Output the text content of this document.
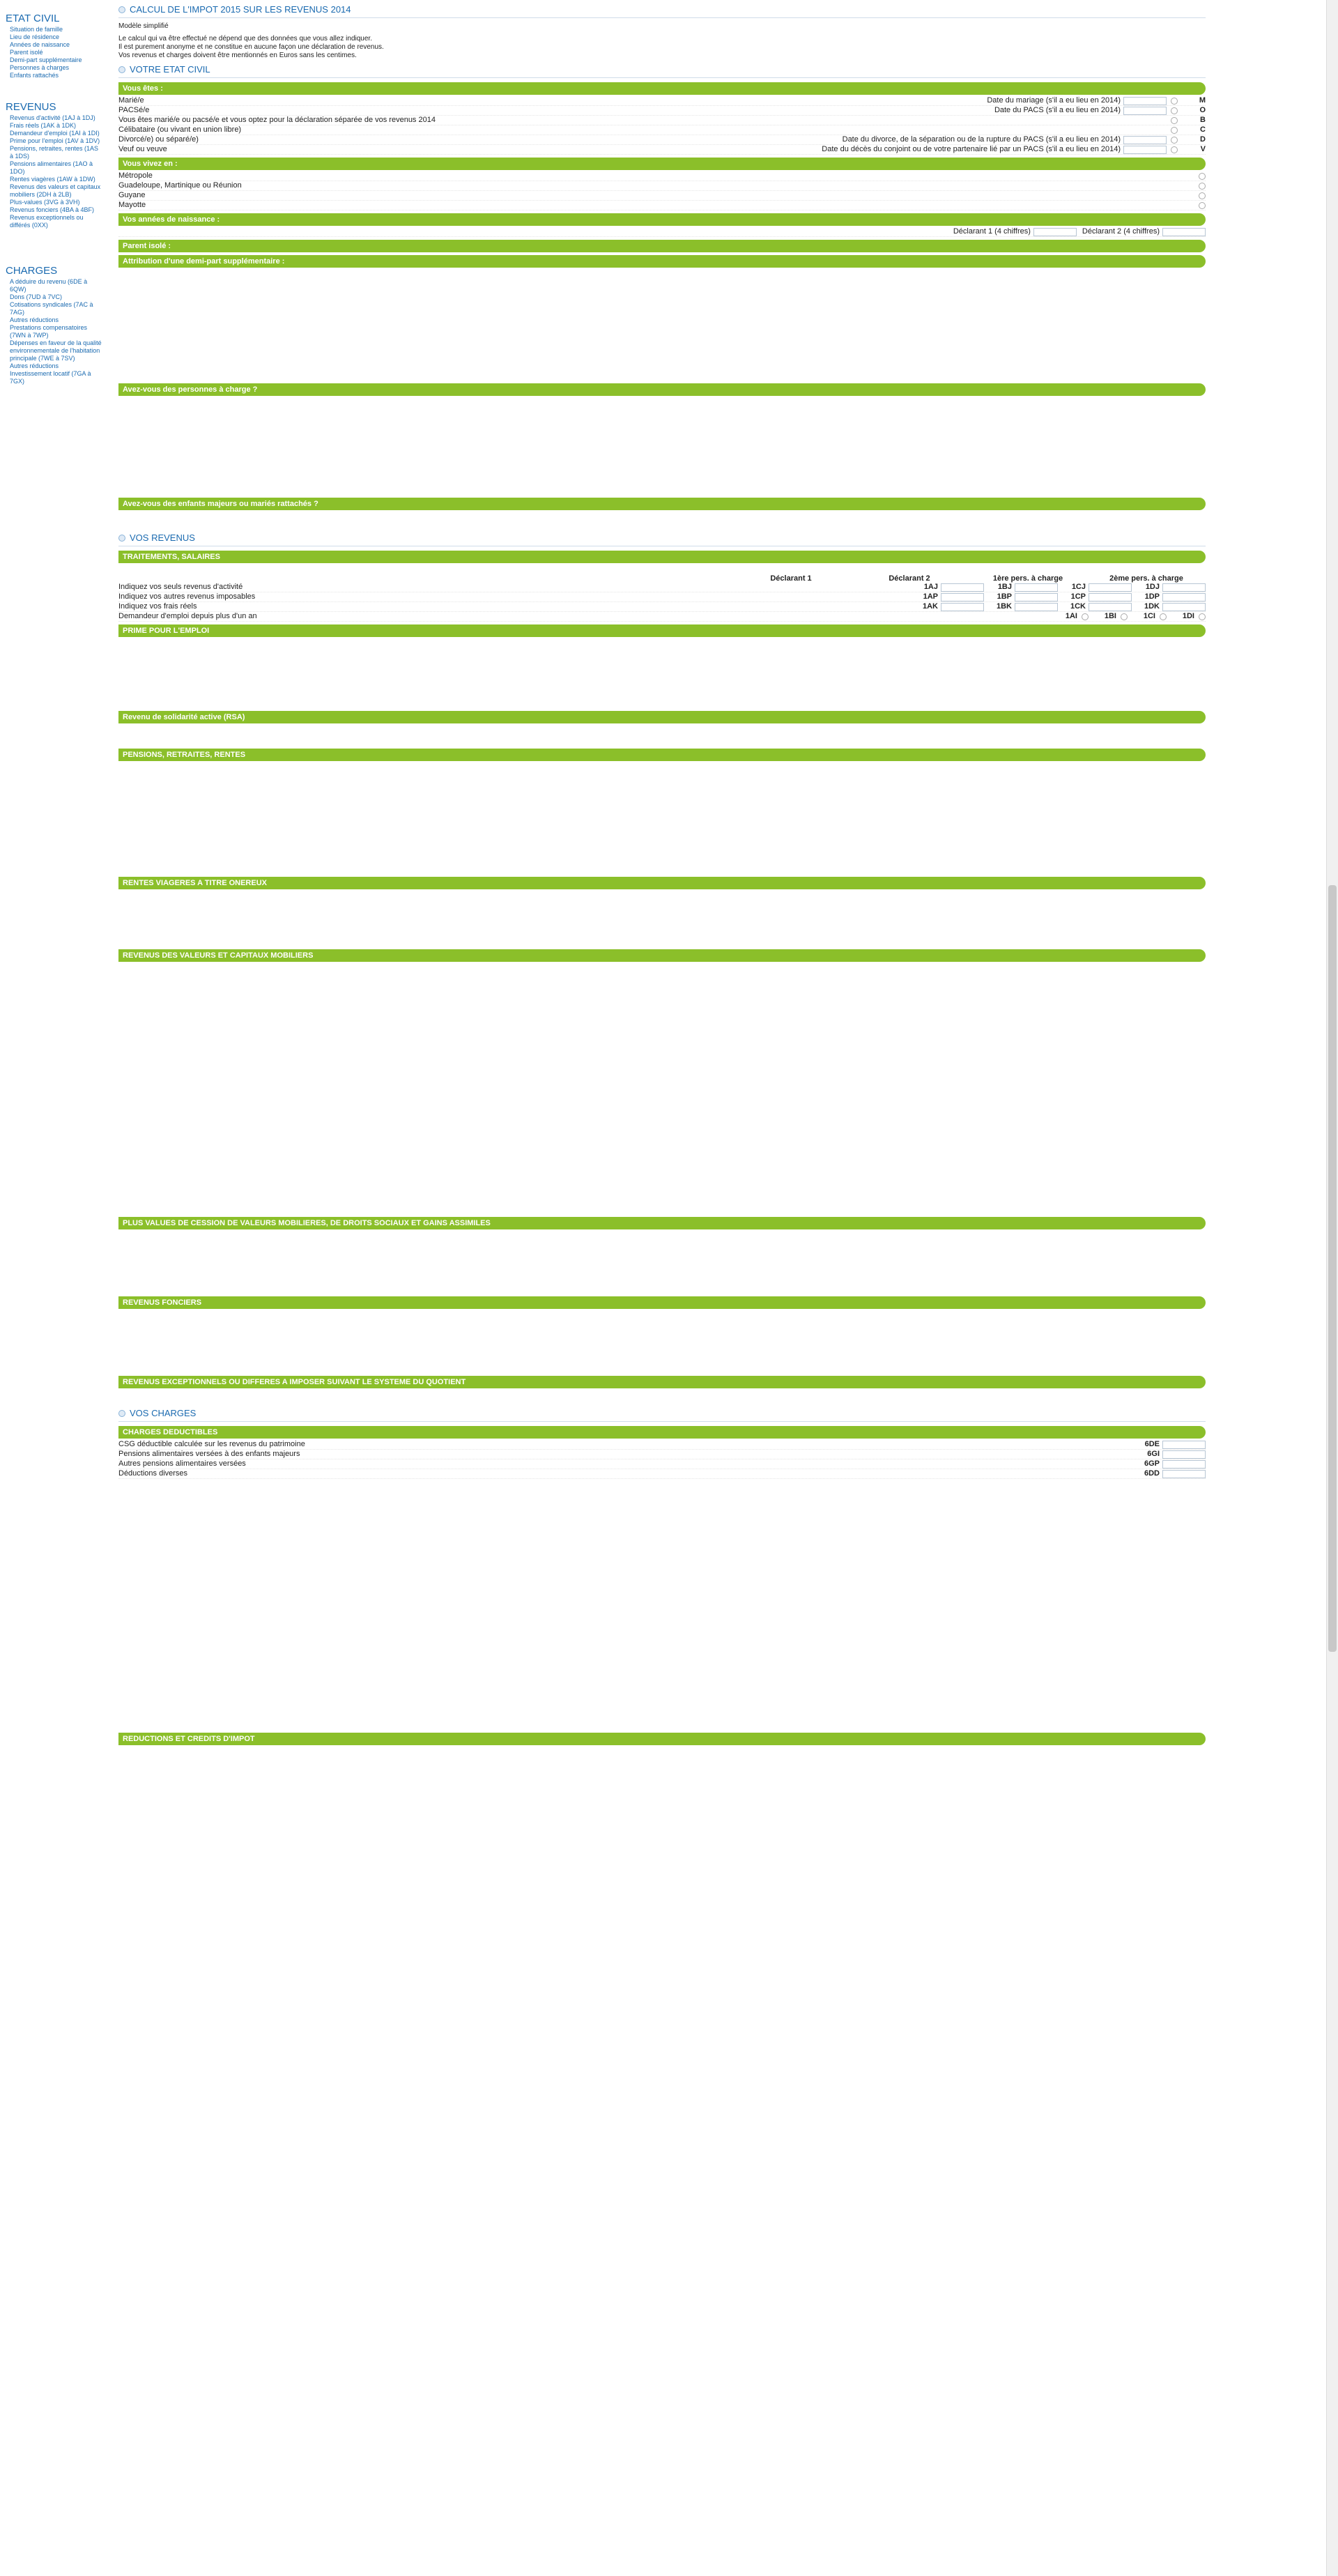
ETAT CIVIL
Situation de famille
Lieu de résidence
Années de naissance
Parent isolé
Demi-part supplémentaire
Personnes à charges
Enfants rattachés
REVENUS
Revenus d'activité (1AJ à 1DJ)
Frais réels (1AK à 1DK)
Demandeur d'emploi (1AI à 1DI)
Prime pour l'emploi (1AV à 1DV)
Pensions, retraites, rentes (1AS à 1DS)
Pensions alimentaires (1AO à 1DO)
Rentes viagères (1AW à 1DW)
Revenus des valeurs et capitaux mobiliers (2DH à 2LB)
Plus-values (3VG à 3VH)
Revenus fonciers (4BA à 4BF)
Revenus exceptionnels ou différés (0XX)
CHARGES
A déduire du revenu (6DE à 6QW)
Dons (7UD à 7VC)
Cotisations syndicales (7AC à 7AG)
Autres réductions
Prestations compensatoires (7WN à 7WP)
Dépenses en faveur de la qualité environnementale de l'habitation principale (7WE à 7SV)
Autres réductions
Investissement locatif (7GA à 7GX)
CALCUL DE L'IMPOT 2015 SUR LES REVENUS 2014
Modèle simplifié
Le calcul qui va être effectué ne dépend que des données que vous allez indiquer.
Il est purement anonyme et ne constitue en aucune façon une déclaration de revenus.
Vos revenus et charges doivent être mentionnés en Euros sans les centimes.
VOTRE ETAT CIVIL
Vous êtes :
Marié/e	Date du mariage (s'il a eu lieu en 2014)	M
PACSé/e	Date du PACS (s'il a eu lieu en 2014)	O
Vous êtes marié/e ou pacsé/e et vous optez pour la déclaration séparée de vos revenus 2014	B
Célibataire (ou vivant en union libre)	C
Divorcé/e) ou séparé/e)	Date du divorce, de la séparation ou de la rupture du PACS (s'il a eu lieu en 2014)	D
Veuf ou veuve	Date du décès du conjoint ou de votre partenaire lié par un PACS (s'il a eu lieu en 2014)	V
Vous vivez en :
Métropole
Guadeloupe, Martinique ou Réunion
Guyane
Mayotte
Vos années de naissance :
Déclarant 1 (4 chiffres)	Déclarant 2 (4 chiffres)
Parent isolé :
Attribution d'une demi-part supplémentaire :
Avez-vous des personnes à charge ?
Avez-vous des enfants majeurs ou mariés rattachés ?
VOS REVENUS
TRAITEMENTS, SALAIRES
Déclarant 1	Déclarant 2	1ère pers. à charge	2ème pers. à charge
Indiquez vos seuls revenus d'activité	1AJ	1BJ	1CJ	1DJ
Indiquez vos autres revenus imposables	1AP	1BP	1CP	1DP
Indiquez vos frais réels	1AK	1BK	1CK	1DK
Demandeur d'emploi depuis plus d'un an	1AI	1BI	1CI	1DI
PRIME POUR L'EMPLOI
Revenu de solidarité active (RSA)
PENSIONS, RETRAITES, RENTES
RENTES VIAGERES A TITRE ONEREUX
REVENUS DES VALEURS ET CAPITAUX MOBILIERS
PLUS VALUES DE CESSION DE VALEURS MOBILIERES, DE DROITS SOCIAUX ET GAINS ASSIMILES
REVENUS FONCIERS
REVENUS EXCEPTIONNELS OU DIFFERES A IMPOSER SUIVANT LE SYSTEME DU QUOTIENT
VOS CHARGES
CHARGES DEDUCTIBLES
CSG déductible calculée sur les revenus du patrimoine	6DE
Pensions alimentaires versées à des enfants majeurs	6GI
Autres pensions alimentaires versées	6GP
Déductions diverses	6DD
REDUCTIONS ET CREDITS D'IMPOT
